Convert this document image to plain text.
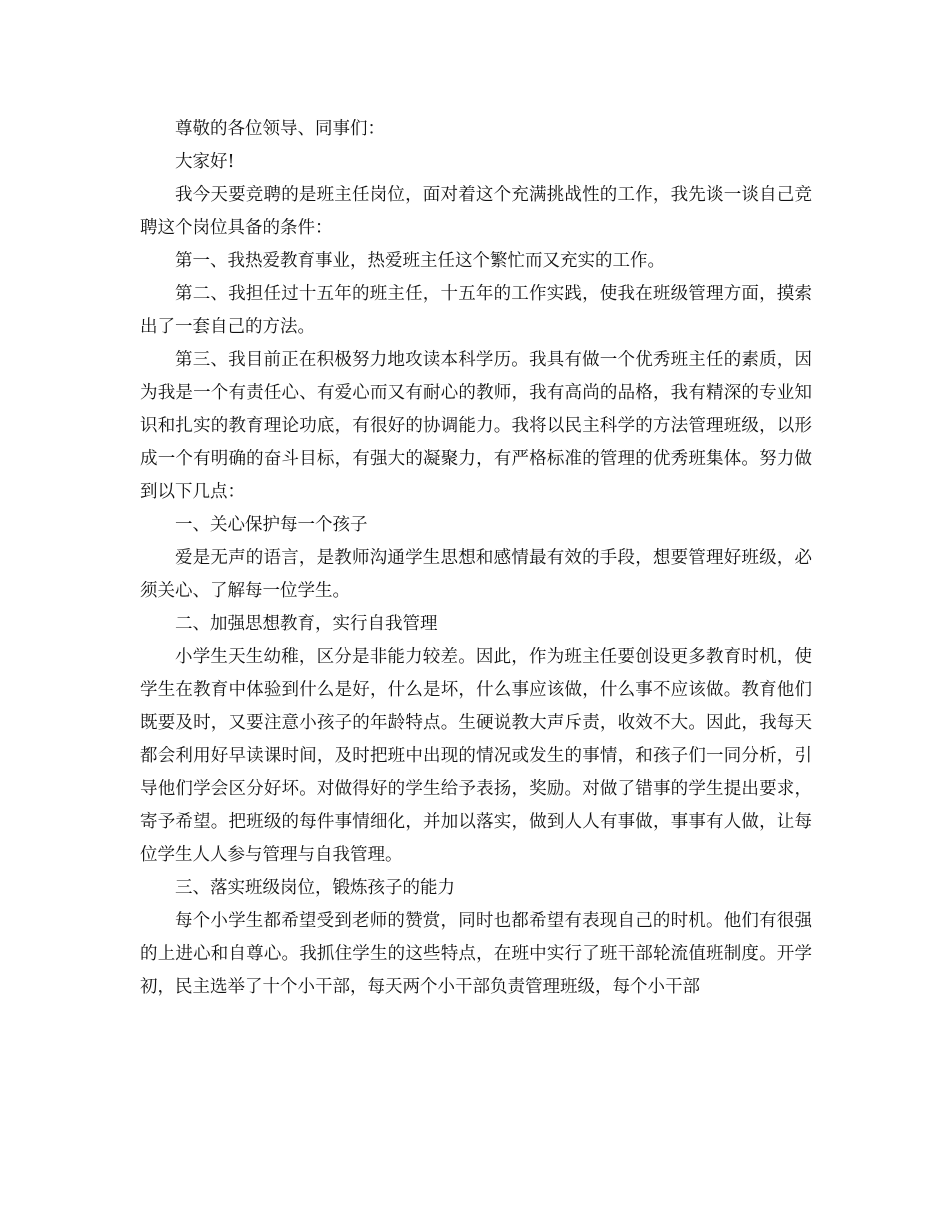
尊敬的各位领导、同事们：

大家好!

我今天要竞聘的是班主任岗位，面对着这个充满挑战性的工作，我先谈一谈自己竞聘这个岗位具备的条件：

第一、我热爱教育事业，热爱班主任这个繁忙而又充实的工作。

第二、我担任过十五年的班主任，十五年的工作实践，使我在班级管理方面，摸索出了一套自己的方法。

第三、我目前正在积极努力地攻读本科学历。我具有做一个优秀班主任的素质，因为我是一个有责任心、有爱心而又有耐心的教师，我有高尚的品格，我有精深的专业知识和扎实的教育理论功底，有很好的协调能力。我将以民主科学的方法管理班级，以形成一个有明确的奋斗目标，有强大的凝聚力，有严格标准的管理的优秀班集体。努力做到以下几点：

一、关心保护每一个孩子

爱是无声的语言，是教师沟通学生思想和感情最有效的手段，想要管理好班级，必须关心、了解每一位学生。

二、加强思想教育，实行自我管理

小学生天生幼稚，区分是非能力较差。因此，作为班主任要创设更多教育时机，使学生在教育中体验到什么是好，什么是坏，什么事应该做，什么事不应该做。教育他们既要及时，又要注意小孩子的年龄特点。生硬说教大声斥责，收效不大。因此，我每天都会利用好早读课时间，及时把班中出现的情况或发生的事情，和孩子们一同分析，引导他们学会区分好坏。对做得好的学生给予表扬，奖励。对做了错事的学生提出要求，寄予希望。把班级的每件事情细化，并加以落实，做到人人有事做，事事有人做，让每位学生人人参与管理与自我管理。

三、落实班级岗位，锻炼孩子的能力

每个小学生都希望受到老师的赞赏，同时也都希望有表现自己的时机。他们有很强的上进心和自尊心。我抓住学生的这些特点，在班中实行了班干部轮流值班制度。开学初，民主选举了十个小干部，每天两个小干部负责管理班级，每个小干部
